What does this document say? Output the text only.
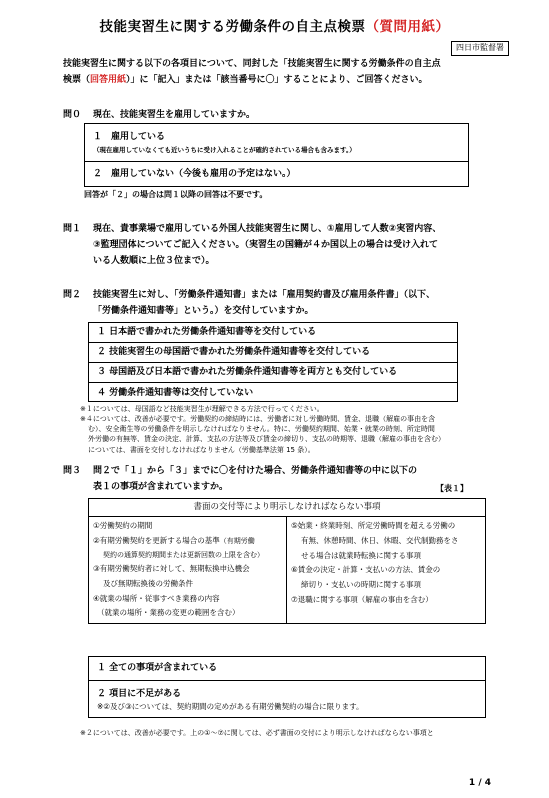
技能実習生に関する労働条件の自主点検票（質問用紙）
四日市監督署
技能実習生に関する以下の各項目について、同封した「技能実習生に関する労働条件の自主点
検票（回答用紙）」に「記入」または「該当番号に〇」することにより、ご回答ください。
問０ 現在、技能実習生を雇用していますか。
１　雇用している
（現在雇用していなくても近いうちに受け入れることが確約されている場合も含みます。）
２　雇用していない（今後も雇用の予定はない。）
回答が「２」の場合は問１以降の回答は不要です。
問１ 現在、貴事業場で雇用している外国人技能実習生に関し、①雇用して人数②実習内容、
③監理団体についてご記入ください。（実習生の国籍が４か国以上の場合は受け入れて
いる人数順に上位３位まで）。
問２ 技能実習生に対し、「労働条件通知書」または「雇用契約書及び雇用条件書」（以下、
「労働条件通知書等」という。）を交付していますか。
１ 日本語で書かれた労働条件通知書等を交付している
２ 技能実習生の母国語で書かれた労働条件通知書等を交付している
３ 母国語及び日本語で書かれた労働条件通知書等を両方とも交付している
４ 労働条件通知書等は交付していない
※１については、母国語など技能実習生が理解できる方法で行ってください。
※４については、改善が必要です。労働契約の締結時には、労働者に対し労働時間、賃金、退職（解雇の事由を含
む）、安全衛生等の労働条件を明示しなければなりません。特に、労働契約期間、始業・就業の時刻、所定時間
外労働の有無等、賃金の決定、計算、支払の方法等及び賃金の締切り、支払の時期等、退職（解雇の事由を含む）
については、書面を交付しなければなりません（労働基準法第 15 条）。
問３ 問２で「１」から「３」までに〇を付けた場合、労働条件通知書等の中に以下の
表１の事項が含まれていますか。	【表１】
書面の交付等により明示しなければならない事項
①労働契約の期間
②有期労働契約を更新する場合の基準（有期労働
契約の通算契約期間または更新回数の上限を含む）
③有期労働契約者に対して、無期転換申込機会
及び無期転換後の労働条件
④就業の場所・従事すべき業務の内容
（就業の場所・業務の変更の範囲を含む）
⑤始業・終業時刻、所定労働時間を超える労働の
有無、休憩時間、休日、休暇、交代制勤務をさ
せる場合は就業時転換に関する事項
⑥賃金の決定・計算・支払いの方法、賃金の
締切り・支払いの時期に関する事項
⑦退職に関する事項（解雇の事由を含む）
１ 全ての事項が含まれている
２ 項目に不足がある
※②及び③については、契約期間の定めがある有期労働契約の場合に限ります。
※２については、改善が必要です。上の①～⑦に関しては、必ず書面の交付により明示しなければならない事項と
1 / 4
